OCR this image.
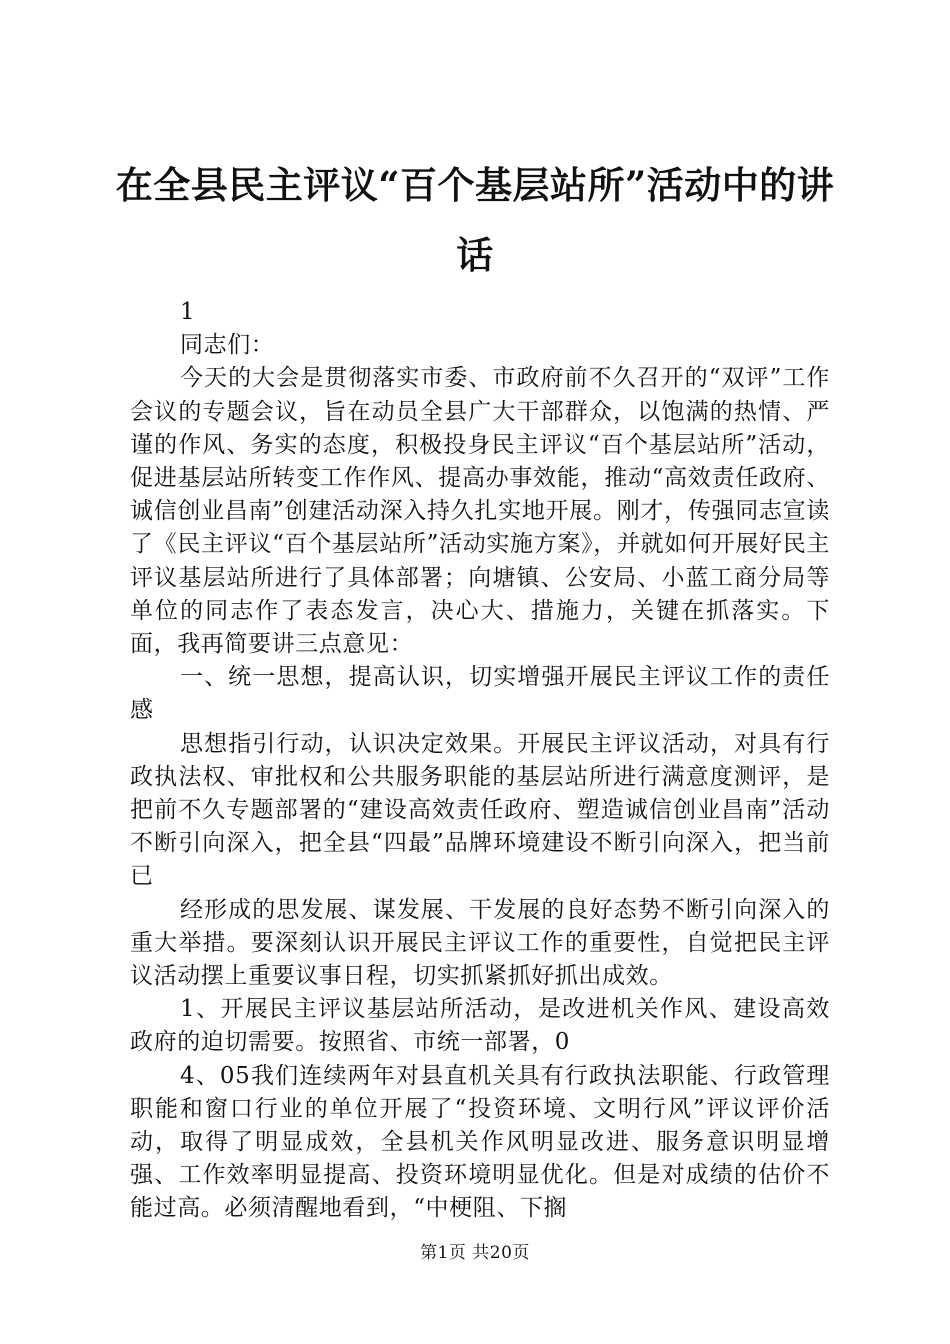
在全县民主评议“百个基层站所”活动中的讲话

1

同志们：

今天的大会是贯彻落实市委、市政府前不久召开的“双评”工作会议的专题会议，旨在动员全县广大干部群众，以饱满的热情、严谨的作风、务实的态度，积极投身民主评议“百个基层站所”活动，促进基层站所转变工作作风、提高办事效能，推动“高效责任政府、诚信创业昌南”创建活动深入持久扎实地开展。刚才，传强同志宣读了《民主评议“百个基层站所”活动实施方案》，并就如何开展好民主评议基层站所进行了具体部署；向塘镇、公安局、小蓝工商分局等单位的同志作了表态发言，决心大、措施力，关键在抓落实。下面，我再简要讲三点意见：

一、统一思想，提高认识，切实增强开展民主评议工作的责任感

思想指引行动，认识决定效果。开展民主评议活动，对具有行政执法权、审批权和公共服务职能的基层站所进行满意度测评，是把前不久专题部署的“建设高效责任政府、塑造诚信创业昌南”活动不断引向深入，把全县“四最”品牌环境建设不断引向深入，把当前已

经形成的思发展、谋发展、干发展的良好态势不断引向深入的重大举措。要深刻认识开展民主评议工作的重要性，自觉把民主评议活动摆上重要议事日程，切实抓紧抓好抓出成效。

1、开展民主评议基层站所活动，是改进机关作风、建设高效政府的迫切需要。按照省、市统一部署，0

4、05我们连续两年对县直机关具有行政执法职能、行政管理职能和窗口行业的单位开展了“投资环境、文明行风”评议评价活动，取得了明显成效，全县机关作风明显改进、服务意识明显增强、工作效率明显提高、投资环境明显优化。但是对成绩的估价不能过高。必须清醒地看到，“中梗阻、下搁

第1页 共20页
